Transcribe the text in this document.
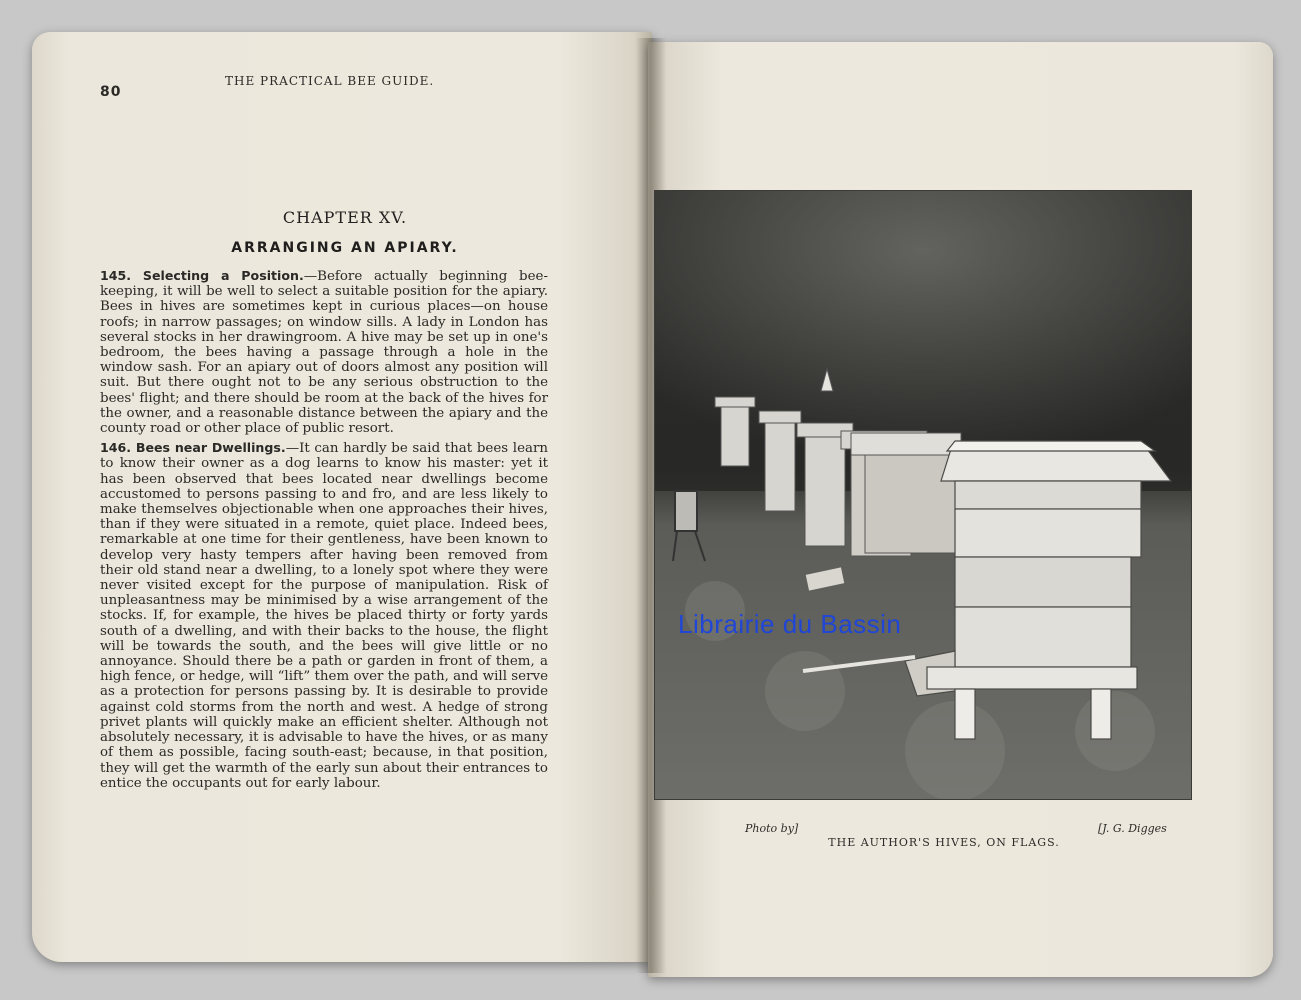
80
THE PRACTICAL BEE GUIDE.
CHAPTER XV.
ARRANGING AN APIARY.

145. Selecting a Position.—Before actually beginning bee-keeping, it will be well to select a suitable position for the apiary. Bees in hives are sometimes kept in curious places—on house roofs; in narrow passages; on window sills. A lady in London has several stocks in her drawingroom. A hive may be set up in one's bedroom, the bees having a passage through a hole in the window sash. For an apiary out of doors almost any position will suit. But there ought not to be any serious obstruction to the bees' flight; and there should be room at the back of the hives for the owner, and a reasonable distance between the apiary and the county road or other place of public resort.

146. Bees near Dwellings.—It can hardly be said that bees learn to know their owner as a dog learns to know his master: yet it has been observed that bees located near dwellings become accustomed to persons passing to and fro, and are less likely to make themselves objectionable when one approaches their hives, than if they were situated in a remote, quiet place. Indeed bees, remarkable at one time for their gentleness, have been known to develop very hasty tempers after having been removed from their old stand near a dwelling, to a lonely spot where they were never visited except for the purpose of manipulation. Risk of unpleasantness may be minimised by a wise arrangement of the stocks. If, for example, the hives be placed thirty or forty yards south of a dwelling, and with their backs to the house, the flight will be towards the south, and the bees will give little or no annoyance. Should there be a path or garden in front of them, a high fence, or hedge, will “lift” them over the path, and will serve as a protection for persons passing by. It is desirable to provide against cold storms from the north and west. A hedge of strong privet plants will quickly make an efficient shelter. Although not absolutely necessary, it is advisable to have the hives, or as many of them as possible, facing south-east; because, in that position, they will get the warmth of the early sun about their entrances to entice the occupants out for early labour.

Photo by]	[J. G. Digges
THE AUTHOR'S HIVES, ON FLAGS.
Librairie du Bassin
